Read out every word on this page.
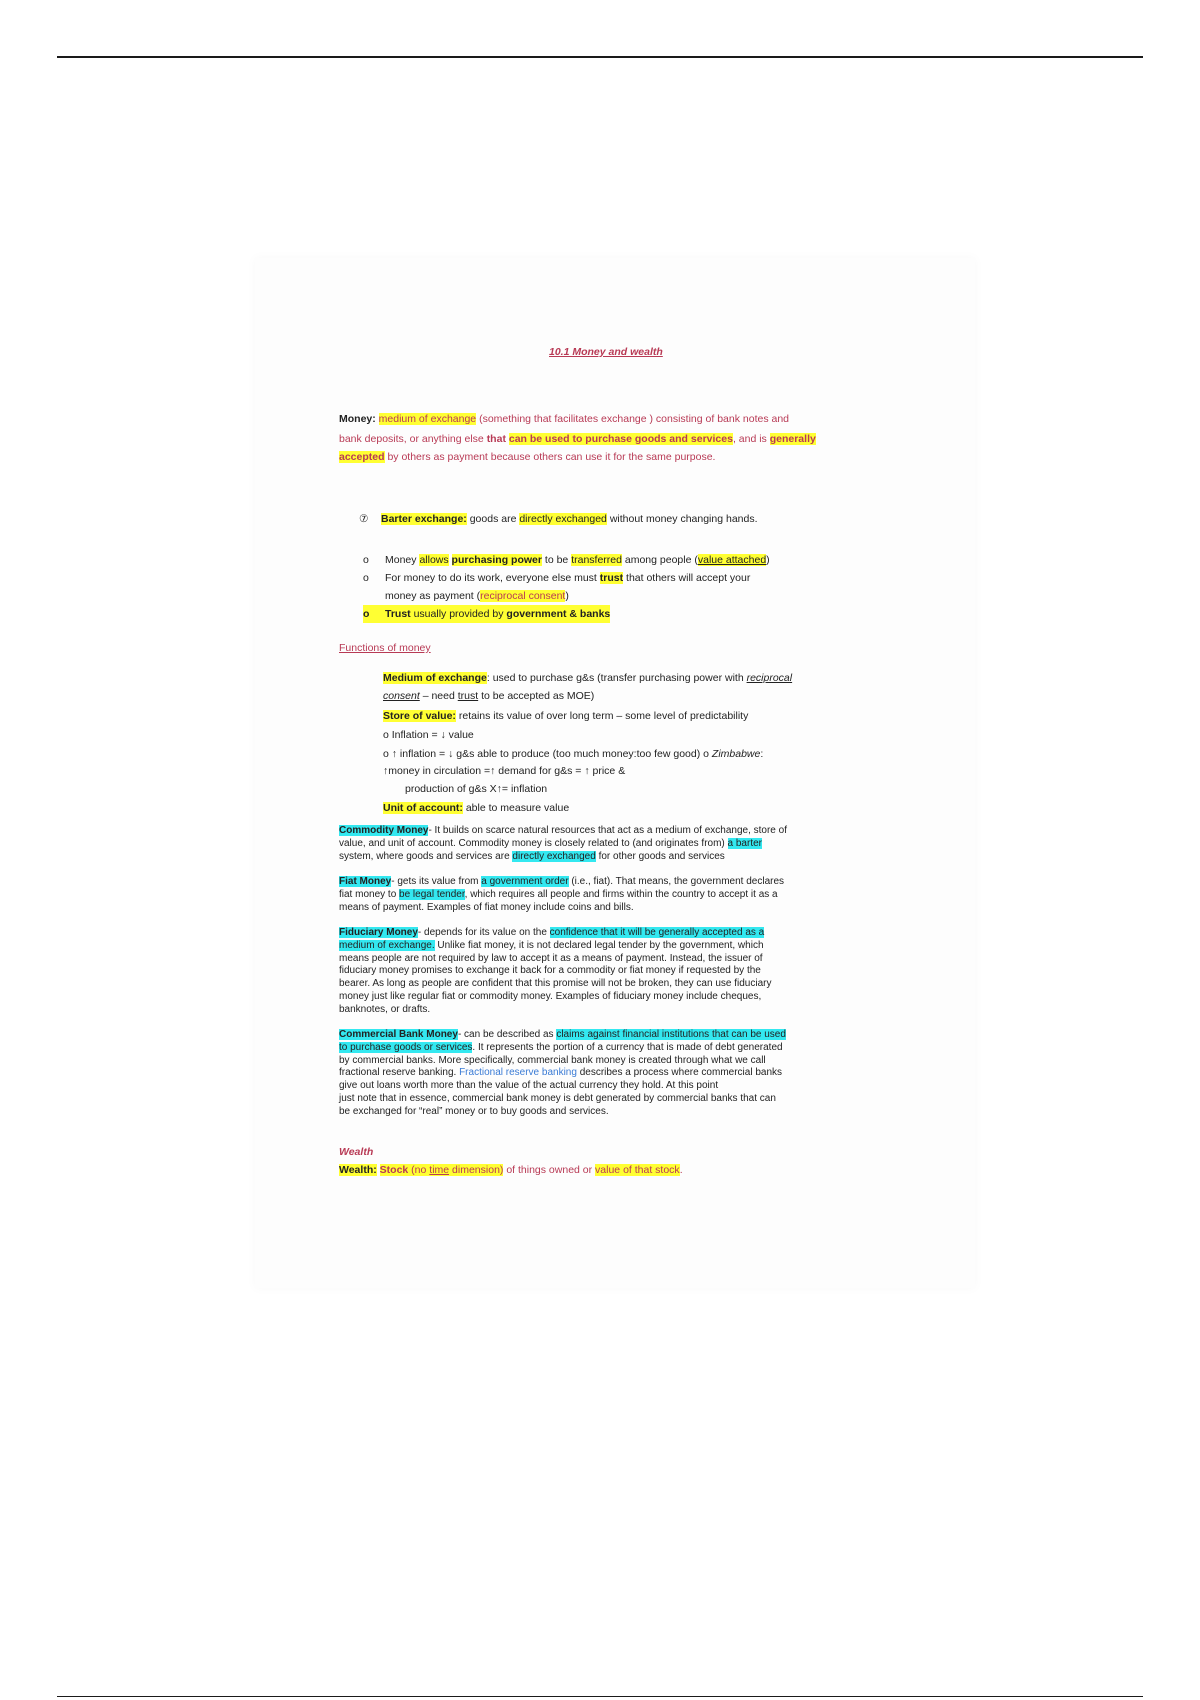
10.1 Money and wealth
Money: medium of exchange (something that facilitates exchange ) consisting of bank notes and
bank deposits, or anything else that can be used to purchase goods and services, and is generally
accepted by others as payment because others can use it for the same purpose.
⑦	Barter exchange: goods are directly exchanged without money changing hands.
o	Money allows purchasing power to be transferred among people (value attached)
o	For money to do its work, everyone else must trust that others will accept your
money as payment (reciprocal consent)
o	Trust usually provided by government & banks
Functions of money
Medium of exchange: used to purchase g&s (transfer purchasing power with reciprocal
consent – need trust to be accepted as MOE)
Store of value: retains its value of over long term – some level of predictability
o Inflation = ↓ value
o ↑ inflation = ↓ g&s able to produce (too much money:too few good) o Zimbabwe:
↑money in circulation =↑ demand for g&s = ↑ price &
production of g&s X↑= inflation
Unit of account: able to measure value
Commodity Money- It builds on scarce natural resources that act as a medium of exchange, store of
value, and unit of account. Commodity money is closely related to (and originates from) a barter
system, where goods and services are directly exchanged for other goods and services
Fiat Money- gets its value from a government order (i.e., fiat). That means, the government declares
fiat money to be legal tender, which requires all people and firms within the country to accept it as a
means of payment. Examples of fiat money include coins and bills.
Fiduciary Money- depends for its value on the confidence that it will be generally accepted as a
medium of exchange. Unlike fiat money, it is not declared legal tender by the government, which
means people are not required by law to accept it as a means of payment. Instead, the issuer of
fiduciary money promises to exchange it back for a commodity or fiat money if requested by the
bearer. As long as people are confident that this promise will not be broken, they can use fiduciary
money just like regular fiat or commodity money. Examples of fiduciary money include cheques,
banknotes, or drafts.
Commercial Bank Money- can be described as claims against financial institutions that can be used
to purchase goods or services. It represents the portion of a currency that is made of debt generated
by commercial banks. More specifically, commercial bank money is created through what we call
fractional reserve banking. Fractional reserve banking describes a process where commercial banks
give out loans worth more than the value of the actual currency they hold. At this point
just note that in essence, commercial bank money is debt generated by commercial banks that can
be exchanged for “real” money or to buy goods and services.
Wealth
Wealth: Stock (no time dimension) of things owned or value of that stock.
